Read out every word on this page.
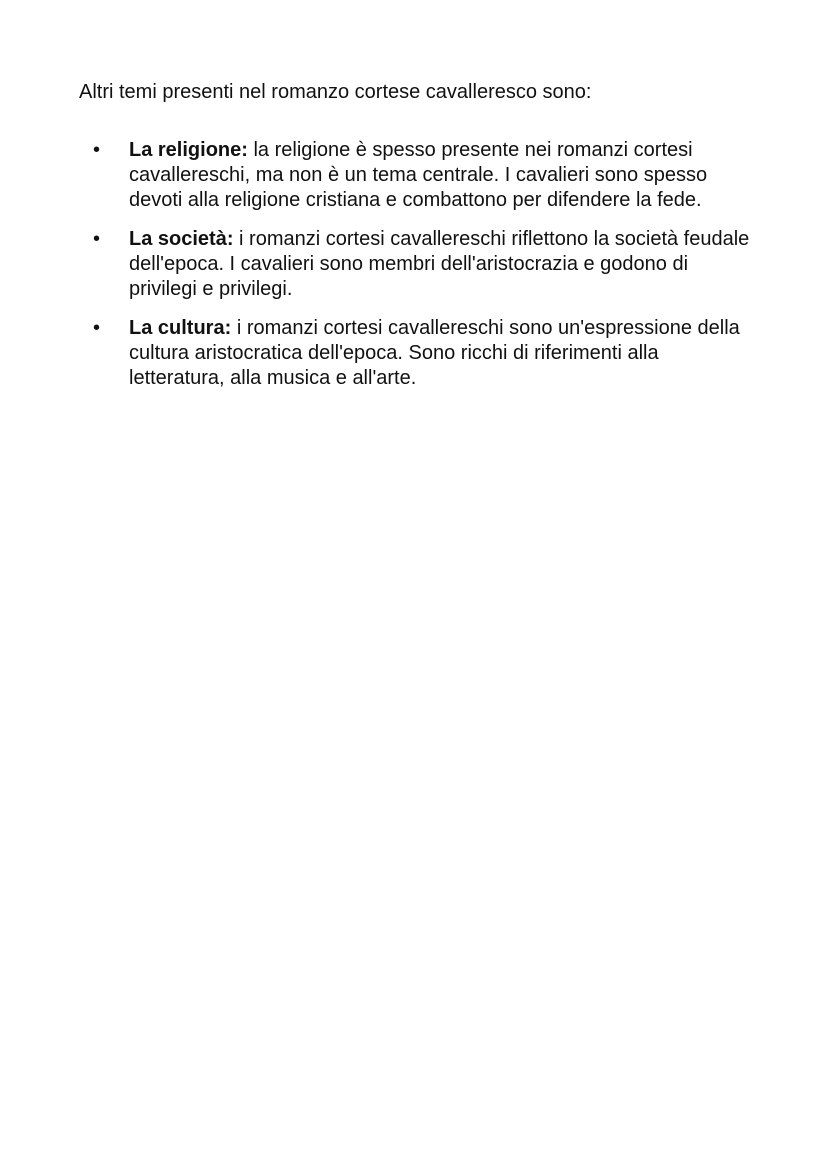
Altri temi presenti nel romanzo cortese cavalleresco sono:

• La religione: la religione è spesso presente nei romanzi cortesi cavallereschi, ma non è un tema centrale. I cavalieri sono spesso devoti alla religione cristiana e combattono per difendere la fede.
• La società: i romanzi cortesi cavallereschi riflettono la società feudale dell'epoca. I cavalieri sono membri dell'aristocrazia e godono di privilegi e privilegi.
• La cultura: i romanzi cortesi cavallereschi sono un'espressione della cultura aristocratica dell'epoca. Sono ricchi di riferimenti alla letteratura, alla musica e all'arte.
